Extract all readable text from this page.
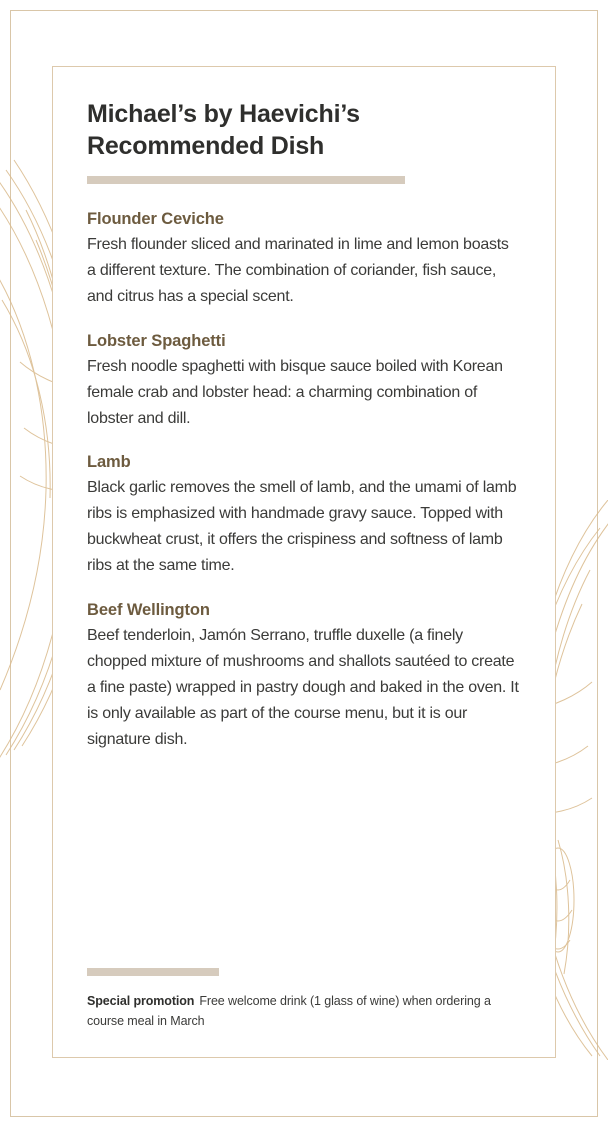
Michael’s by Haevichi’s Recommended Dish
Flounder Ceviche

Fresh flounder sliced and marinated in lime and lemon boasts a different texture. The combination of coriander, fish sauce, and citrus has a special scent.

Lobster Spaghetti

Fresh noodle spaghetti with bisque sauce boiled with Korean female crab and lobster head: a charming combination of lobster and dill.

Lamb

Black garlic removes the smell of lamb, and the umami of lamb ribs is emphasized with handmade gravy sauce. Topped with buckwheat crust, it offers the crispiness and softness of lamb ribs at the same time.

Beef Wellington

Beef tenderloin, Jamón Serrano, truffle duxelle (a finely chopped mixture of mushrooms and shallots sautéed to create a fine paste) wrapped in pastry dough and baked in the oven. It is only available as part of the course menu, but it is our signature dish.

Special promotion Free welcome drink (1 glass of wine) when ordering a course meal in March
